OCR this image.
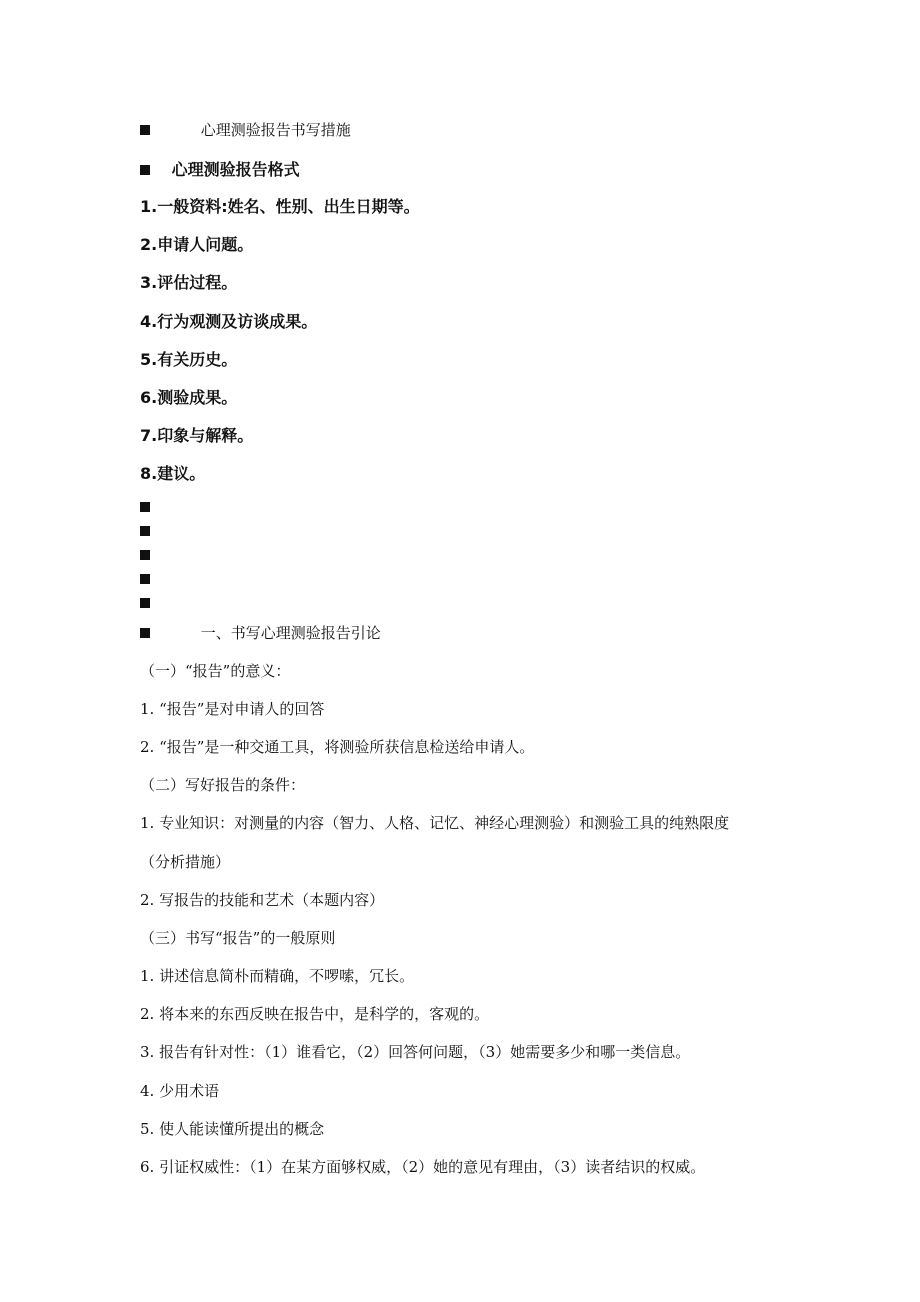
心理测验报告书写措施
心理测验报告格式
1.一般资料:姓名、性别、出生日期等。
2.申请人问题。
3.评估过程。
4.行为观测及访谈成果。
5.有关历史。
6.测验成果。
7.印象与解释。
8.建议。
一、书写心理测验报告引论
（一）“报告”的意义：
1. “报告”是对申请人的回答
2. “报告”是一种交通工具，将测验所获信息检送给申请人。
（二）写好报告的条件：
1. 专业知识：对测量的内容（智力、人格、记忆、神经心理测验）和测验工具的纯熟限度
（分析措施）
2. 写报告的技能和艺术（本题内容）
（三）书写“报告”的一般原则
1. 讲述信息简朴而精确，不啰嗦，冗长。
2. 将本来的东西反映在报告中，是科学的，客观的。
3. 报告有针对性：（1）谁看它，（2）回答何问题，（3）她需要多少和哪一类信息。
4. 少用术语
5. 使人能读懂所提出的概念
6. 引证权威性：（1）在某方面够权威，（2）她的意见有理由，（3）读者结识的权威。
